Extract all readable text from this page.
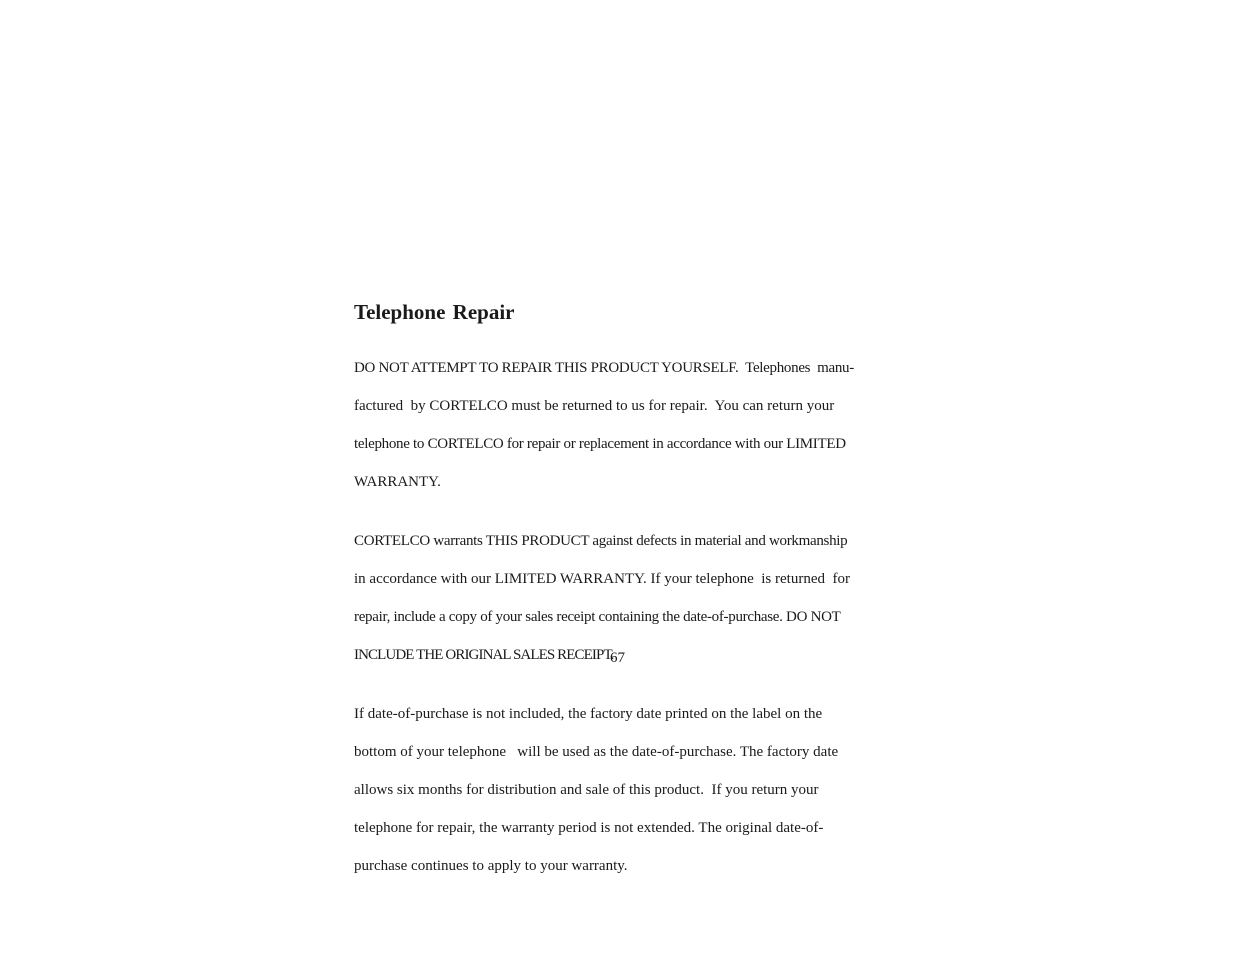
Telephone Repair

DO NOT ATTEMPT TO REPAIR THIS PRODUCT YOURSELF.  Telephones  manu-

factured  by CORTELCO must be returned to us for repair.  You can return your

telephone to CORTELCO for repair or replacement in accordance with our LIMITED

WARRANTY.

CORTELCO warrants THIS PRODUCT against defects in material and workmanship

in accordance with our LIMITED WARRANTY. If your telephone  is returned  for

repair, include a copy of your sales receipt containing the date-of-purchase. DO NOT

INCLUDE THE ORIGINAL SALES RECEIPT.

If date-of-purchase is not included, the factory date printed on the label on the

bottom of your telephone   will be used as the date-of-purchase. The factory date

allows six months for distribution and sale of this product.  If you return your

telephone for repair, the warranty period is not extended. The original date-of-

purchase continues to apply to your warranty.

67
